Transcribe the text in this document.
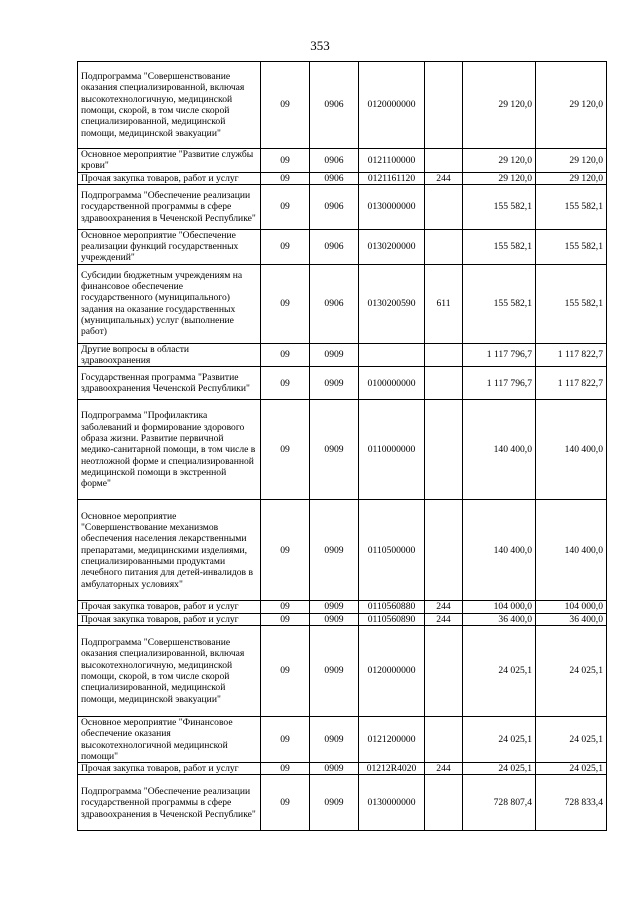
353
Подпрограмма "Совершенствование оказания специализированной, включая высокотехнологичную, медицинской помощи, скорой, в том числе скорой специализированной, медицинской помощи, медицинской эвакуации"	09	0906	0120000000		29 120,0	29 120,0
Основное мероприятие "Развитие службы крови"	09	0906	0121100000		29 120,0	29 120,0
Прочая закупка товаров, работ и услуг	09	0906	0121161120	244	29 120,0	29 120,0
Подпрограмма "Обеспечение реализации государственной программы в сфере здравоохранения в Чеченской Республике"	09	0906	0130000000		155 582,1	155 582,1
Основное мероприятие "Обеспечение реализации функций государственных учреждений"	09	0906	0130200000		155 582,1	155 582,1
Субсидии бюджетным учреждениям на финансовое обеспечение государственного (муниципального) задания на оказание государственных (муниципальных) услуг (выполнение работ)	09	0906	0130200590	611	155 582,1	155 582,1
Другие вопросы в области здравоохранения	09	0909			1 117 796,7	1 117 822,7
Государственная программа "Развитие здравоохранения Чеченской Республики"	09	0909	0100000000		1 117 796,7	1 117 822,7
Подпрограмма "Профилактика заболеваний и формирование здорового образа жизни. Развитие первичной медико-санитарной помощи, в том числе в неотложной форме и специализированной медицинской помощи в экстренной форме"	09	0909	0110000000		140 400,0	140 400,0
Основное мероприятие "Совершенствование механизмов обеспечения населения лекарственными препаратами, медицинскими изделиями, специализированными продуктами лечебного питания для детей-инвалидов в амбулаторных условиях"	09	0909	0110500000		140 400,0	140 400,0
Прочая закупка товаров, работ и услуг	09	0909	0110560880	244	104 000,0	104 000,0
Прочая закупка товаров, работ и услуг	09	0909	0110560890	244	36 400,0	36 400,0
Подпрограмма "Совершенствование оказания специализированной, включая высокотехнологичную, медицинской помощи, скорой, в том числе скорой специализированной, медицинской помощи, медицинской эвакуации"	09	0909	0120000000		24 025,1	24 025,1
Основное мероприятие "Финансовое обеспечение оказания высокотехнологичной медицинской помощи"	09	0909	0121200000		24 025,1	24 025,1
Прочая закупка товаров, работ и услуг	09	0909	01212R4020	244	24 025,1	24 025,1
Подпрограмма "Обеспечение реализации государственной программы в сфере здравоохранения в Чеченской Республике"	09	0909	0130000000		728 807,4	728 833,4
